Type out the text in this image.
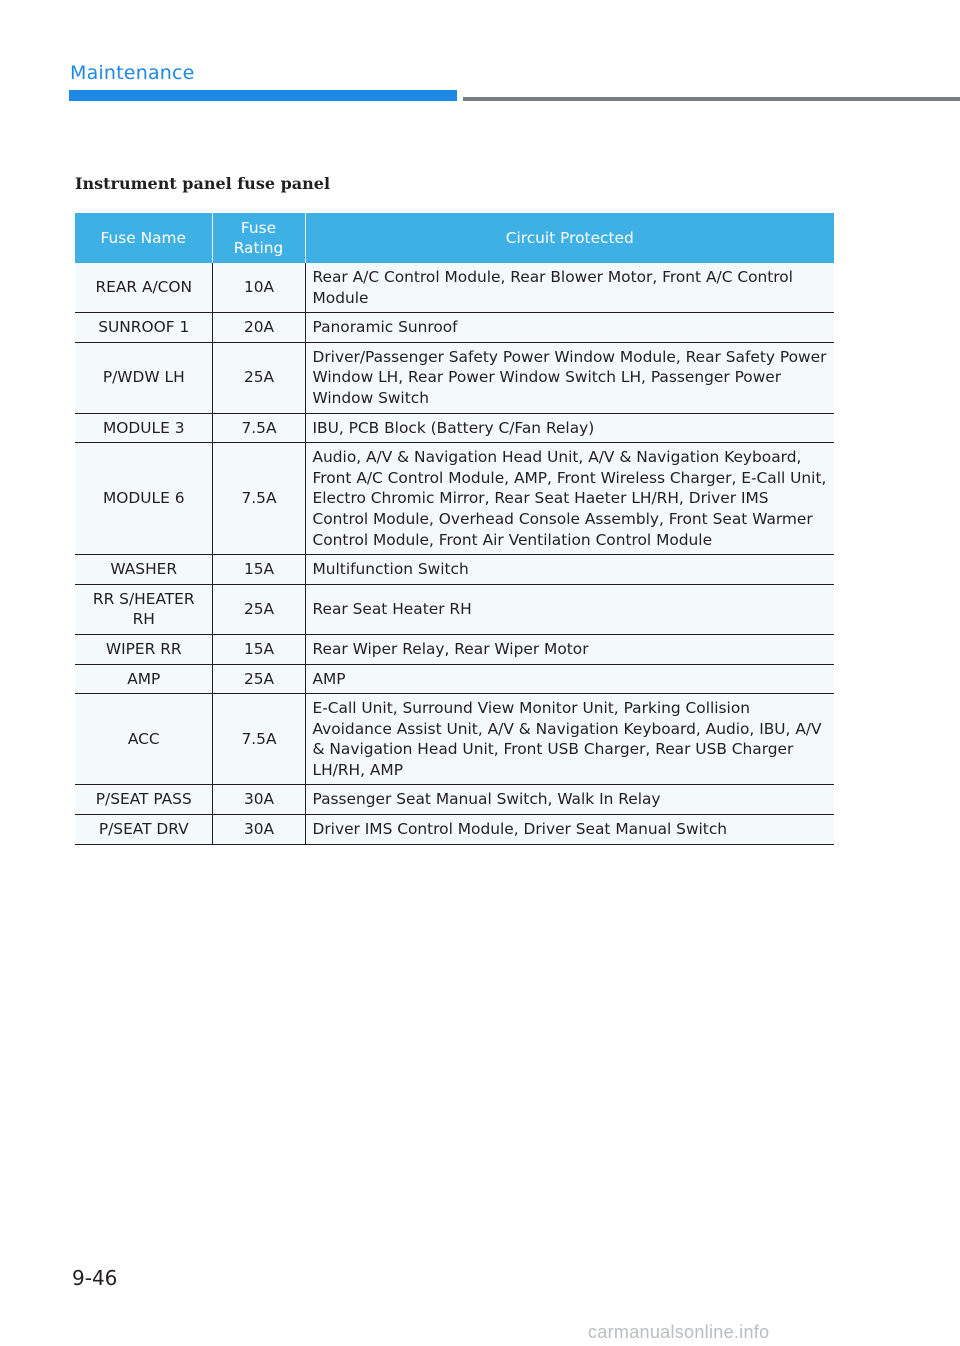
Maintenance
Instrument panel fuse panel
Fuse Name	Fuse Rating	Circuit Protected
REAR A/CON	10A	Rear A/C Control Module, Rear Blower Motor, Front A/C Control Module
SUNROOF 1	20A	Panoramic Sunroof
P/WDW LH	25A	Driver/Passenger Safety Power Window Module, Rear Safety Power Window LH, Rear Power Window Switch LH, Passenger Power Window Switch
MODULE 3	7.5A	IBU, PCB Block (Battery C/Fan Relay)
MODULE 6	7.5A	Audio, A/V & Navigation Head Unit, A/V & Navigation Keyboard, Front A/C Control Module, AMP, Front Wireless Charger, E-Call Unit, Electro Chromic Mirror, Rear Seat Haeter LH/RH, Driver IMS Control Module, Overhead Console Assembly, Front Seat Warmer Control Module, Front Air Ventilation Control Module
WASHER	15A	Multifunction Switch
RR S/HEATER RH	25A	Rear Seat Heater RH
WIPER RR	15A	Rear Wiper Relay, Rear Wiper Motor
AMP	25A	AMP
ACC	7.5A	E-Call Unit, Surround View Monitor Unit, Parking Collision Avoidance Assist Unit, A/V & Navigation Keyboard, Audio, IBU, A/V & Navigation Head Unit, Front USB Charger, Rear USB Charger LH/RH, AMP
P/SEAT PASS	30A	Passenger Seat Manual Switch, Walk In Relay
P/SEAT DRV	30A	Driver IMS Control Module, Driver Seat Manual Switch
9-46
carmanualsonline.info
